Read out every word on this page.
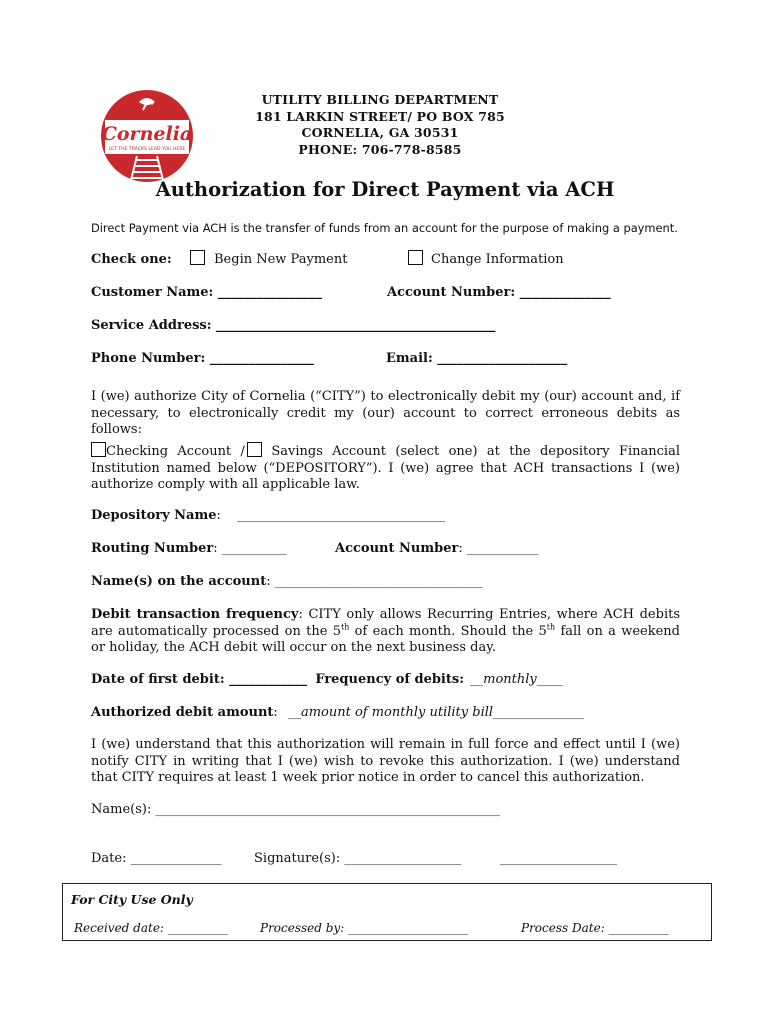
Cornelia
LET THE TRACKS LEAD YOU HERE
UTILITY BILLING DEPARTMENT
181 LARKIN STREET/ PO BOX 785
CORNELIA, GA 30531
PHONE: 706-778-8585
Authorization for Direct Payment via ACH
Direct Payment via ACH is the transfer of funds from an account for the purpose of making a payment.
Check one:	Begin New Payment	Change Information
Customer Name: ________________	Account Number: ______________
Service Address: ___________________________________________
Phone Number: ________________	Email: ____________________
I (we) authorize City of Cornelia (“CITY”) to electronically debit my (our) account and, if necessary, to electronically credit my (our) account to correct erroneous debits as follows:
Checking Account / Savings Account (select one) at the depository Financial Institution named below (“DEPOSITORY”). I (we) agree that ACH transactions I (we) authorize comply with all applicable law.
Depository Name: ________________________________
Routing Number: __________	Account Number: ___________
Name(s) on the account: ________________________________
Debit transaction frequency: CITY only allows Recurring Entries, where ACH debits are automatically processed on the 5th of each month. Should the 5th fall on a weekend or holiday, the ACH debit will occur on the next business day.
Date of first debit: ____________ Frequency of debits: __monthly____
Authorized debit amount: __amount of monthly utility bill______________
I (we) understand that this authorization will remain in full force and effect until I (we) notify CITY in writing that I (we) wish to revoke this authorization. I (we) understand that CITY requires at least 1 week prior notice in order to cancel this authorization.
Name(s): _____________________________________________________
Date: ______________ Signature(s): __________________	__________________
For City Use Only
Received date: __________	Processed by: ____________________	Process Date: __________
